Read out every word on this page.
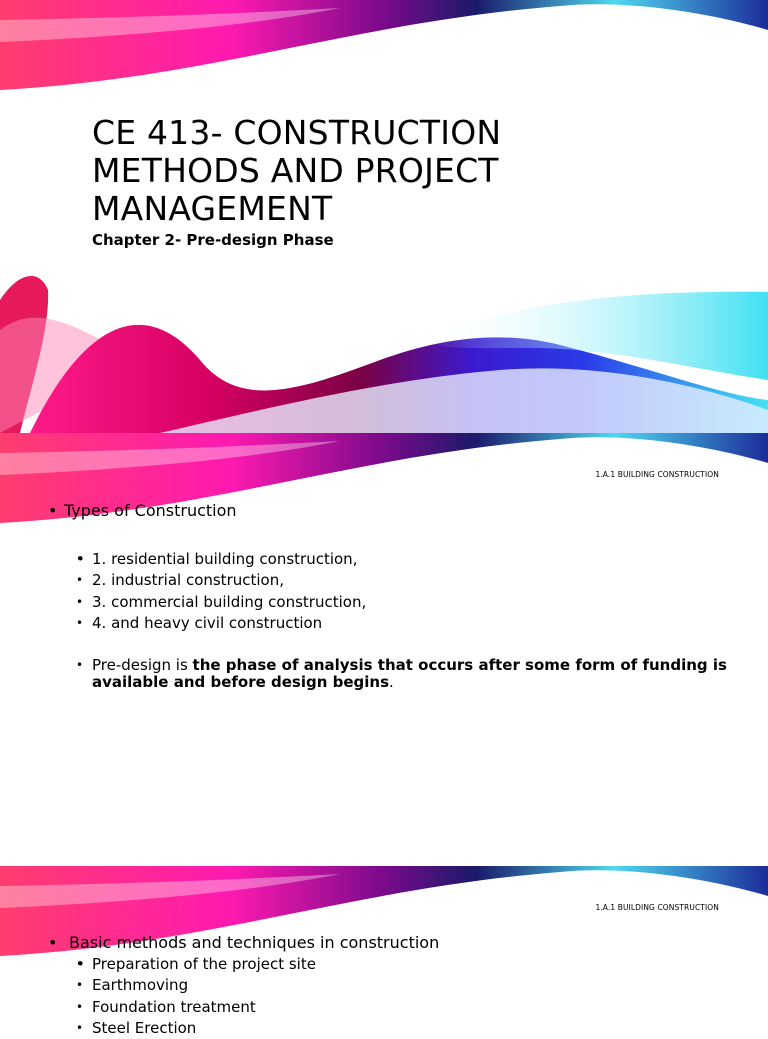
CE 413- CONSTRUCTION
METHODS AND PROJECT
MANAGEMENT
Chapter 2- Pre-design Phase
1.A.1 BUILDING CONSTRUCTION
• Types of Construction
• • 1. residential building construction,
• 2. industrial construction,
• 3. commercial building construction,
• 4. and heavy civil construction
• Pre-design is the phase of analysis that occurs after some form of funding is available and before design begins.
1.A.1 BUILDING CONSTRUCTION
• Basic methods and techniques in construction
• • Preparation of the project site
• Earthmoving
• Foundation treatment
• Steel Erection
